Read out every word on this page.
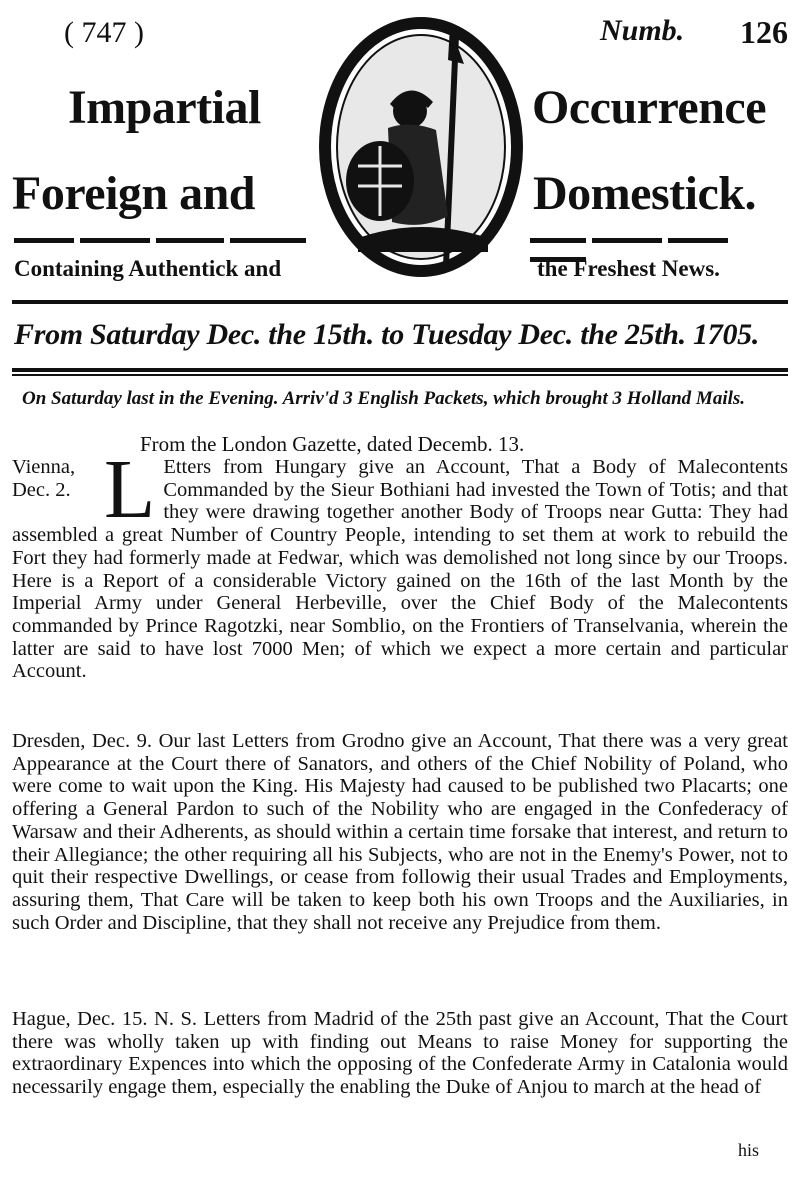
( 747 )	Numb. 126
Impartial
Foreign and
Occurrence
Domestick.
Containing Authentick and	the Freshest News.
From Saturday Dec. the 15th. to Tuesday Dec. the 25th. 1705.
On Saturday last in the Evening. Arriv'd 3 English Packets, which brought 3 Holland Mails.
From the London Gazette, dated Decemb. 13.
Vienna,
Dec. 2. L Etters from Hungary give an Account, That a Body of Malecontents Commanded by the Sieur Bothiani had invested the Town of Totis; and that they were drawing together another Body of Troops near Gutta: They had assembled a great Number of Country People, intending to set them at work to rebuild the Fort they had formerly made at Fedwar, which was demolished not long since by our Troops. Here is a Report of a considerable Victory gained on the 16th of the last Month by the Imperial Army under General Herbeville, over the Chief Body of the Malecontents commanded by Prince Ragotzki, near Somblio, on the Frontiers of Transelvania, wherein the latter are said to have lost 7000 Men; of which we expect a more certain and particular Account.

Dresden, Dec. 9. Our last Letters from Grodno give an Account, That there was a very great Appearance at the Court there of Sanators, and others of the Chief Nobility of Poland, who were come to wait upon the King. His Majesty had caused to be published two Placarts; one offering a General Pardon to such of the Nobility who are engaged in the Confederacy of Warsaw and their Adherents, as should within a certain time forsake that interest, and return to their Allegiance; the other requiring all his Subjects, who are not in the Enemy's Power, not to quit their respective Dwellings, or cease from followig their usual Trades and Employments, assuring them, That Care will be taken to keep both his own Troops and the Auxiliaries, in such Order and Discipline, that they shall not receive any Prejudice from them.

Hague, Dec. 15. N. S. Letters from Madrid of the 25th past give an Account, That the Court there was wholly taken up with finding out Means to raise Money for supporting the extraordinary Expences into which the opposing of the Confederate Army in Catalonia would necessarily engage them, especially the enabling the Duke of Anjou to march at the head of

his
